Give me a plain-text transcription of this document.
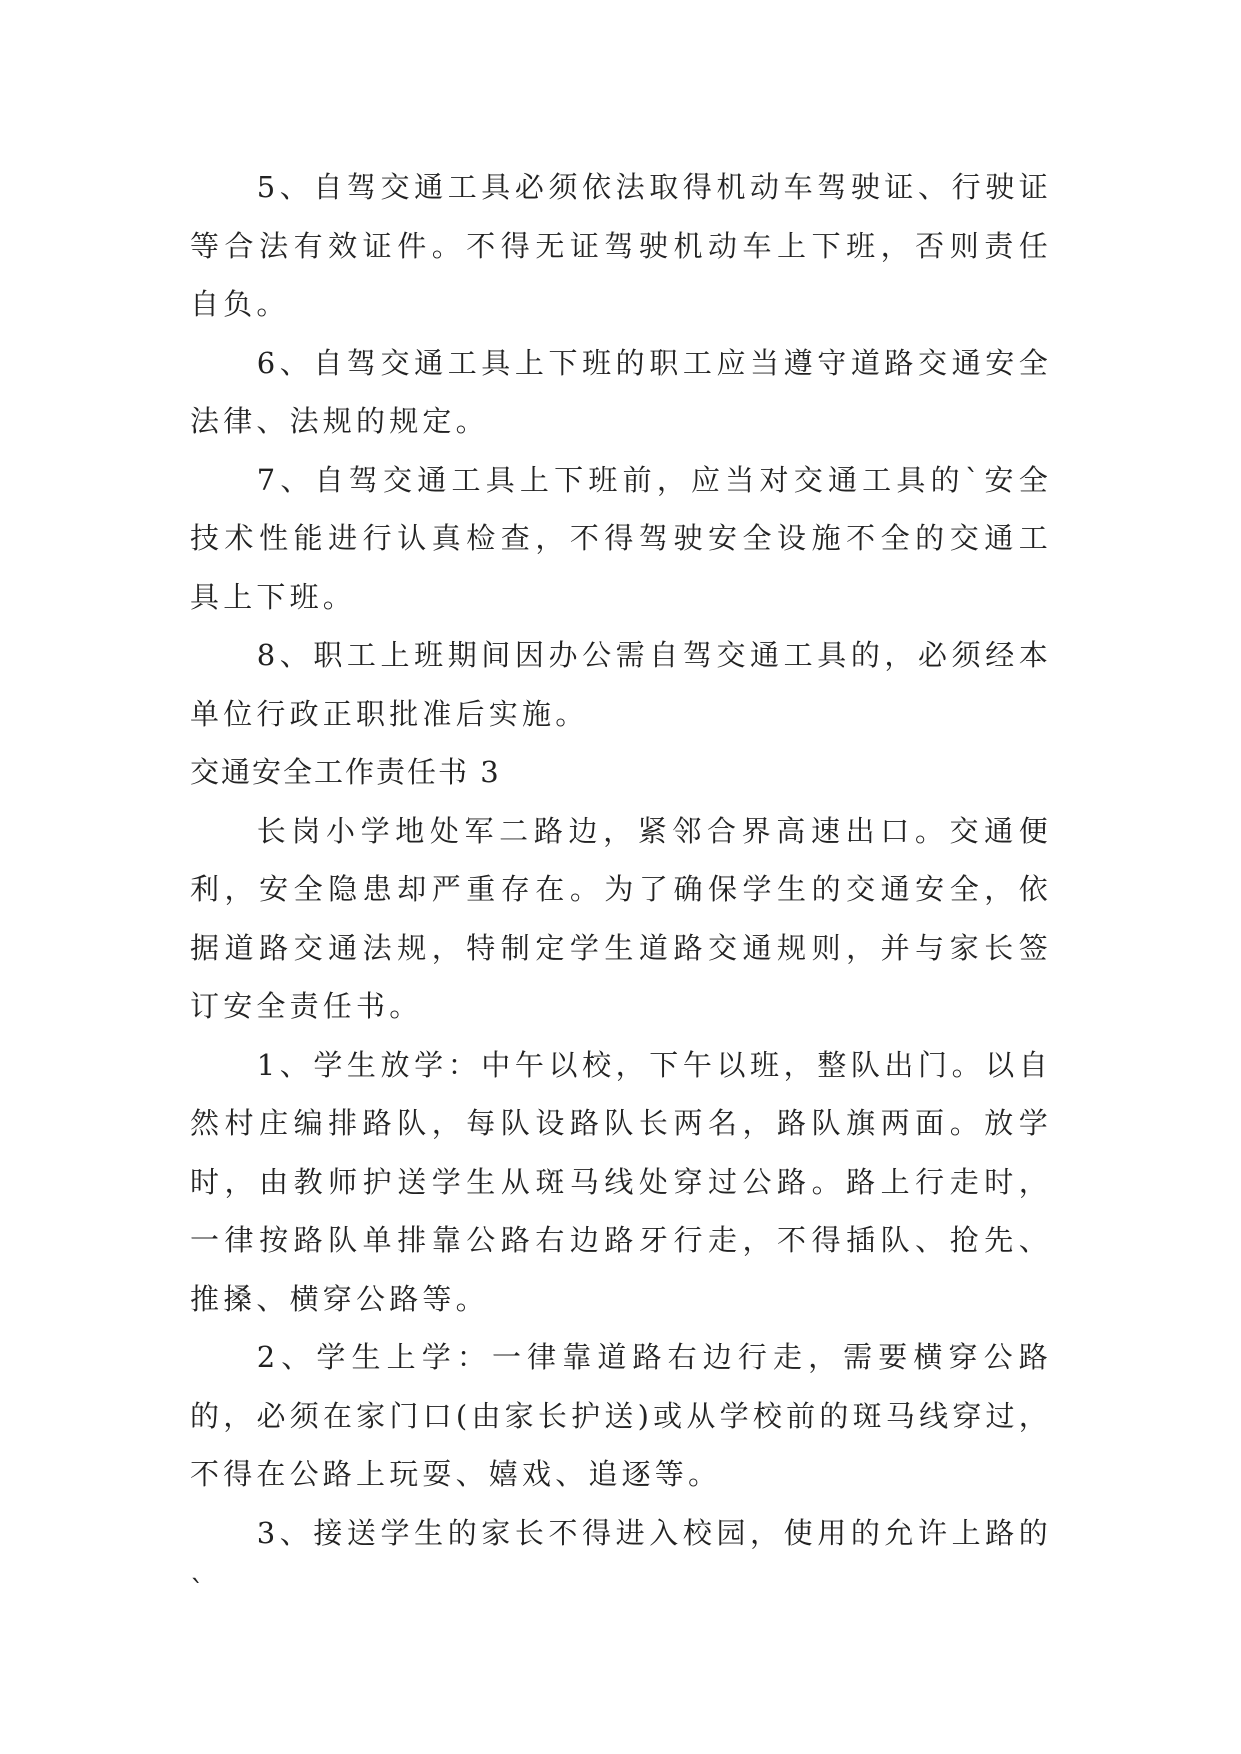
5、自驾交通工具必须依法取得机动车驾驶证、行驶证等合法有效证件。不得无证驾驶机动车上下班，否则责任自负。

6、自驾交通工具上下班的职工应当遵守道路交通安全法律、法规的规定。

7、自驾交通工具上下班前，应当对交通工具的`安全技术性能进行认真检查，不得驾驶安全设施不全的交通工具上下班。

8、职工上班期间因办公需自驾交通工具的，必须经本单位行政正职批准后实施。

交通安全工作责任书 3

长岗小学地处军二路边，紧邻合界高速出口。交通便利，安全隐患却严重存在。为了确保学生的交通安全，依据道路交通法规，特制定学生道路交通规则，并与家长签订安全责任书。

1、学生放学：中午以校，下午以班，整队出门。以自然村庄编排路队，每队设路队长两名，路队旗两面。放学时，由教师护送学生从斑马线处穿过公路。路上行走时，一律按路队单排靠公路右边路牙行走，不得插队、抢先、推搡、横穿公路等。

2、学生上学：一律靠道路右边行走，需要横穿公路的，必须在家门口(由家长护送)或从学校前的斑马线穿过，不得在公路上玩耍、嬉戏、追逐等。

3、接送学生的家长不得进入校园，使用的允许上路的`
